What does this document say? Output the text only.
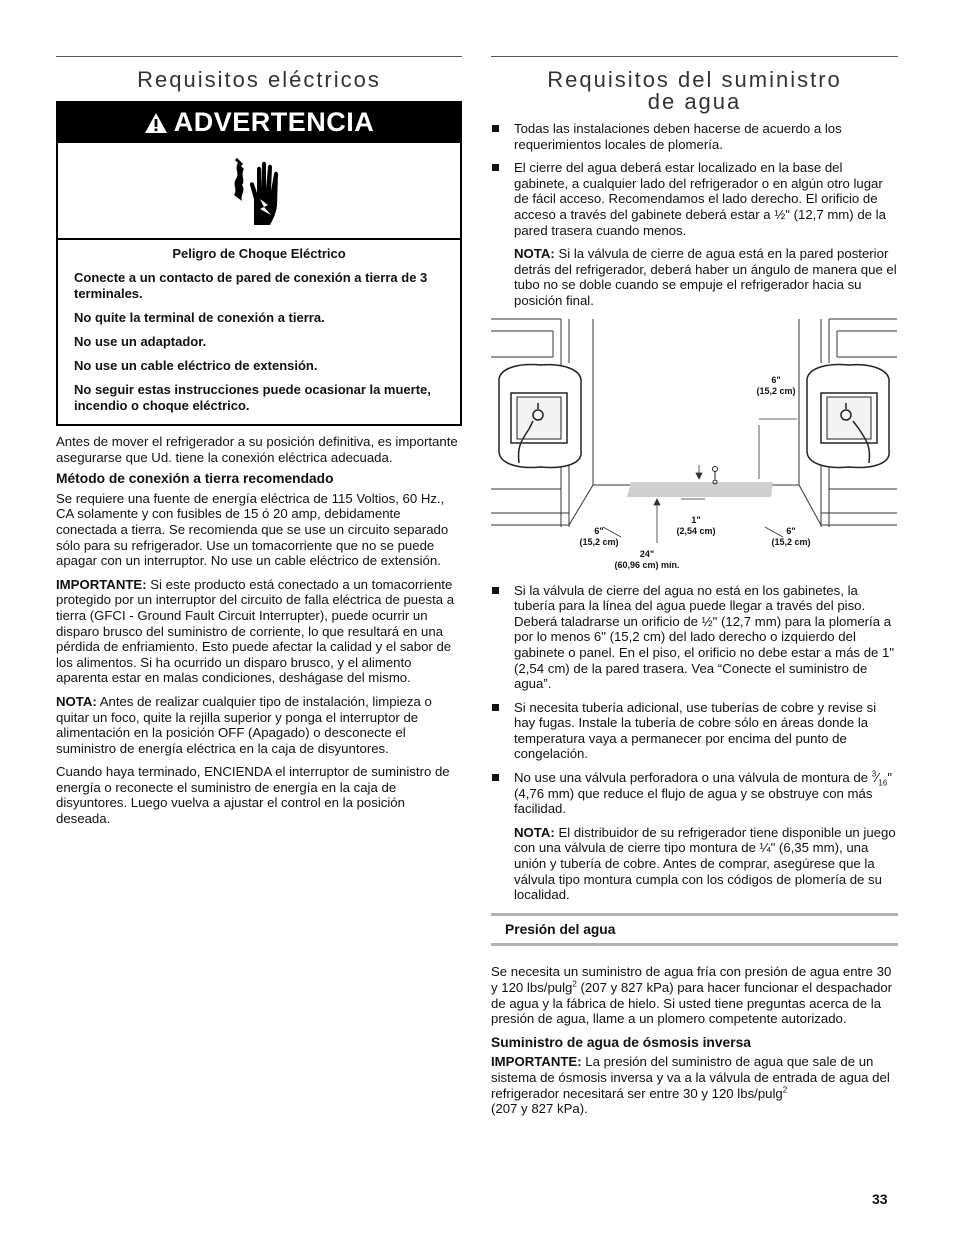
Requisitos eléctricos
ADVERTENCIA

Peligro de Choque Eléctrico

Conecte a un contacto de pared de conexión a tierra de 3 terminales.

No quite la terminal de conexión a tierra.

No use un adaptador.

No use un cable eléctrico de extensión.

No seguir estas instrucciones puede ocasionar la muerte, incendio o choque eléctrico.

Antes de mover el refrigerador a su posición definitiva, es importante asegurarse que Ud. tiene la conexión eléctrica adecuada.

Método de conexión a tierra recomendado

Se requiere una fuente de energía eléctrica de 115 Voltios, 60 Hz., CA solamente y con fusibles de 15 ó 20 amp, debidamente conectada a tierra. Se recomienda que se use un circuito separado sólo para su refrigerador. Use un tomacorriente que no se puede apagar con un interruptor. No use un cable eléctrico de extensión.

IMPORTANTE: Si este producto está conectado a un tomacorriente protegido por un interruptor del circuito de falla eléctrica de puesta a tierra (GFCI - Ground Fault Circuit Interrupter), puede ocurrir un disparo brusco del suministro de corriente, lo que resultará en una pérdida de enfriamiento. Esto puede afectar la calidad y el sabor de los alimentos. Si ha ocurrido un disparo brusco, y el alimento aparenta estar en malas condiciones, deshágase del mismo.

NOTA: Antes de realizar cualquier tipo de instalación, limpieza o quitar un foco, quite la rejilla superior y ponga el interruptor de alimentación en la posición OFF (Apagado) o desconecte el suministro de energía eléctrica en la caja de disyuntores.

Cuando haya terminado, ENCIENDA el interruptor de suministro de energía o reconecte el suministro de energía en la caja de disyuntores. Luego vuelva a ajustar el control en la posición deseada.

Requisitos del suministro
de agua
Todas las instalaciones deben hacerse de acuerdo a los requerimientos locales de plomería.
El cierre del agua deberá estar localizado en la base del gabinete, a cualquier lado del refrigerador o en algún otro lugar de fácil acceso. Recomendamos el lado derecho. El orificio de acceso a través del gabinete deberá estar a ½" (12,7 mm) de la pared trasera cuando menos.
NOTA: Si la válvula de cierre de agua está en la pared posterior detrás del refrigerador, deberá haber un ángulo de manera que el tubo no se doble cuando se empuje el refrigerador hacia su posición final.
6"
(15,2 cm)
6"
(15,2 cm)
24"
(60,96 cm) mín.
1"
(2,54 cm)	6"
(15,2 cm)
Si la válvula de cierre del agua no está en los gabinetes, la tubería para la línea del agua puede llegar a través del piso. Deberá taladrarse un orificio de ½" (12,7 mm) para la plomería a por lo menos 6" (15,2 cm) del lado derecho o izquierdo del gabinete o panel. En el piso, el orificio no debe estar a más de 1" (2,54 cm) de la pared trasera. Vea “Conecte el suministro de agua”.
Si necesita tubería adicional, use tuberías de cobre y revise si hay fugas. Instale la tubería de cobre sólo en áreas donde la temperatura vaya a permanecer por encima del punto de congelación.
No use una válvula perforadora o una válvula de montura de $^3⁄_{16}$" (4,76 mm) que reduce el flujo de agua y se obstruye con más facilidad.
NOTA: El distribuidor de su refrigerador tiene disponible un juego con una válvula de cierre tipo montura de ¼" (6,35 mm), una unión y tubería de cobre. Antes de comprar, asegúrese que la válvula tipo montura cumpla con los códigos de plomería de su localidad.
Presión del agua

Se necesita un suministro de agua fría con presión de agua entre 30 y 120 lbs/pulg$^2$ (207 y 827 kPa) para hacer funcionar el despachador de agua y la fábrica de hielo. Si usted tiene preguntas acerca de la presión de agua, llame a un plomero competente autorizado.

Suministro de agua de ósmosis inversa

IMPORTANTE: La presión del suministro de agua que sale de un sistema de ósmosis inversa y va a la válvula de entrada de agua del refrigerador necesitará ser entre 30 y 120 lbs/pulg$^2$
(207 y 827 kPa).

33
